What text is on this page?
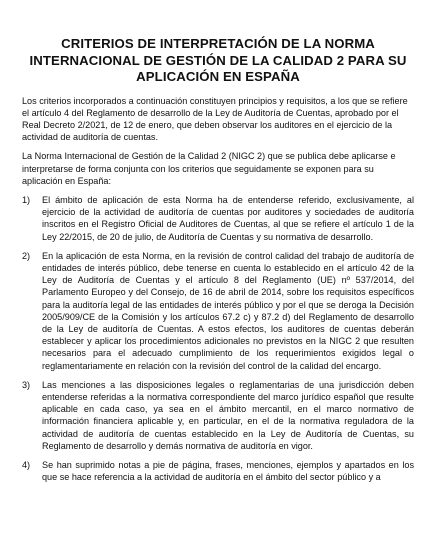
CRITERIOS DE INTERPRETACIÓN DE LA NORMA INTERNACIONAL DE GESTIÓN DE LA CALIDAD 2 PARA SU APLICACIÓN EN ESPAÑA

Los criterios incorporados a continuación constituyen principios y requisitos, a los que se refiere el artículo 4 del Reglamento de desarrollo de la Ley de Auditoría de Cuentas, aprobado por el Real Decreto 2/2021, de 12 de enero, que deben observar los auditores en el ejercicio de la actividad de auditoría de cuentas.

La Norma Internacional de Gestión de la Calidad 2 (NIGC 2) que se publica debe aplicarse e interpretarse de forma conjunta con los criterios que seguidamente se exponen para su aplicación en España:

1) El ámbito de aplicación de esta Norma ha de entenderse referido, exclusivamente, al ejercicio de la actividad de auditoría de cuentas por auditores y sociedades de auditoría inscritos en el Registro Oficial de Auditores de Cuentas, al que se refiere el artículo 1 de la Ley 22/2015, de 20 de julio, de Auditoría de Cuentas y su normativa de desarrollo.
2) En la aplicación de esta Norma, en la revisión de control calidad del trabajo de auditoría de entidades de interés público, debe tenerse en cuenta lo establecido en el artículo 42 de la Ley de Auditoría de Cuentas y el artículo 8 del Reglamento (UE) nº 537/2014, del Parlamento Europeo y del Consejo, de 16 de abril de 2014, sobre los requisitos específicos para la auditoría legal de las entidades de interés público y por el que se deroga la Decisión 2005/909/CE de la Comisión y los artículos 67.2 c) y 87.2 d) del Reglamento de desarrollo de la Ley de auditoría de Cuentas. A estos efectos, los auditores de cuentas deberán establecer y aplicar los procedimientos adicionales no previstos en la NIGC 2 que resulten necesarios para el adecuado cumplimiento de los requerimientos exigidos legal o reglamentariamente en relación con la revisión del control de la calidad del encargo.
3) Las menciones a las disposiciones legales o reglamentarias de una jurisdicción deben entenderse referidas a la normativa correspondiente del marco jurídico español que resulte aplicable en cada caso, ya sea en el ámbito mercantil, en el marco normativo de información financiera aplicable y, en particular, en el de la normativa reguladora de la actividad de auditoría de cuentas establecido en la Ley de Auditoría de Cuentas, su Reglamento de desarrollo y demás normativa de auditoría en vigor.
4) Se han suprimido notas a pie de página, frases, menciones, ejemplos y apartados en los que se hace referencia a la actividad de auditoría en el ámbito del sector público y a
